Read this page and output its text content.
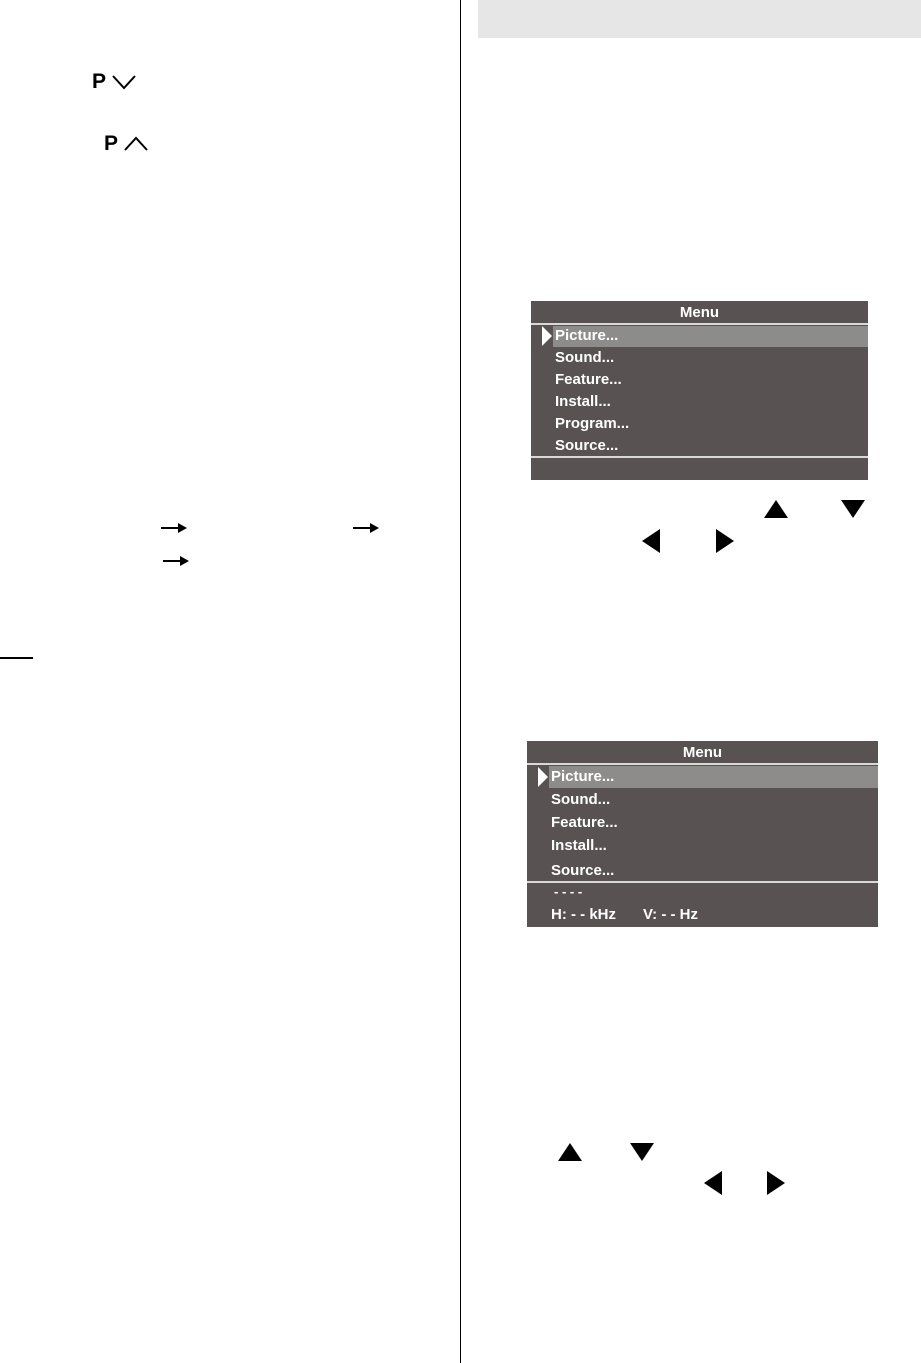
P
P
Menu
Picture...
Sound...
Feature...
Install...
Program...
Source...
Menu
Picture...
Sound...
Feature...
Install...
Source...
- - - -
H: - - kHz V: - - Hz
